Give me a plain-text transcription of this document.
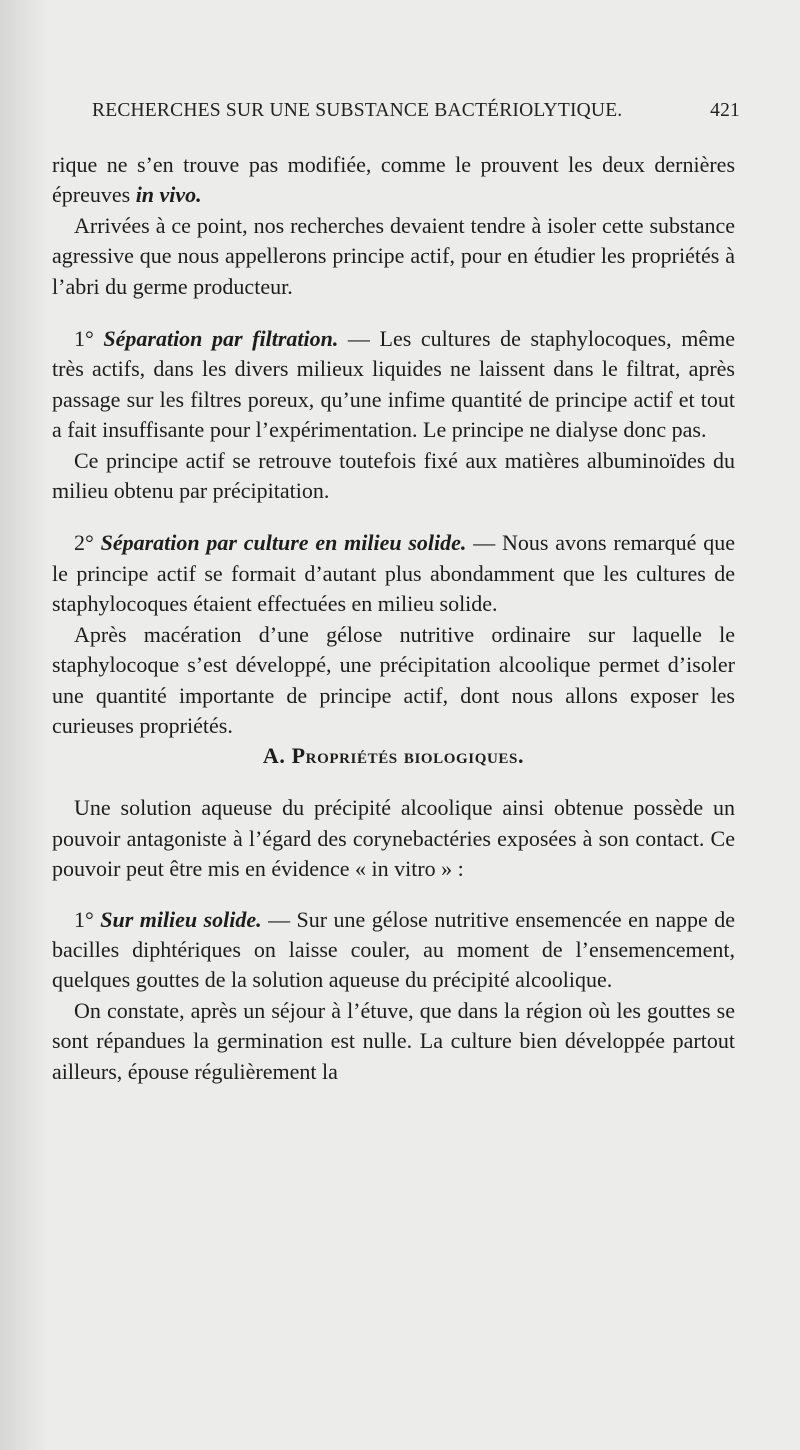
RECHERCHES SUR UNE SUBSTANCE BACTÉRIOLYTIQUE.	421

rique ne s’en trouve pas modifiée, comme le prouvent les deux dernières épreuves in vivo.

Arrivées à ce point, nos recherches devaient tendre à isoler cette substance agressive que nous appellerons principe actif, pour en étudier les propriétés à l’abri du germe producteur.

1° Séparation par filtration. — Les cultures de staphylocoques, même très actifs, dans les divers milieux liquides ne laissent dans le filtrat, après passage sur les filtres poreux, qu’une infime quantité de principe actif et tout a fait insuffisante pour l’expérimentation. Le principe ne dialyse donc pas.

Ce principe actif se retrouve toutefois fixé aux matières albuminoïdes du milieu obtenu par précipitation.

2° Séparation par culture en milieu solide. — Nous avons remarqué que le principe actif se formait d’autant plus abondamment que les cultures de staphylocoques étaient effectuées en milieu solide.

Après macération d’une gélose nutritive ordinaire sur laquelle le staphylocoque s’est développé, une précipitation alcoolique permet d’isoler une quantité importante de principe actif, dont nous allons exposer les curieuses propriétés.

A. Propriétés biologiques.

Une solution aqueuse du précipité alcoolique ainsi obtenue possède un pouvoir antagoniste à l’égard des corynebactéries exposées à son contact. Ce pouvoir peut être mis en évidence « in vitro » :

1° Sur milieu solide. — Sur une gélose nutritive ensemencée en nappe de bacilles diphtériques on laisse couler, au moment de l’ensemencement, quelques gouttes de la solution aqueuse du précipité alcoolique.

On constate, après un séjour à l’étuve, que dans la région où les gouttes se sont répandues la germination est nulle. La culture bien développée partout ailleurs, épouse régulièrement la
